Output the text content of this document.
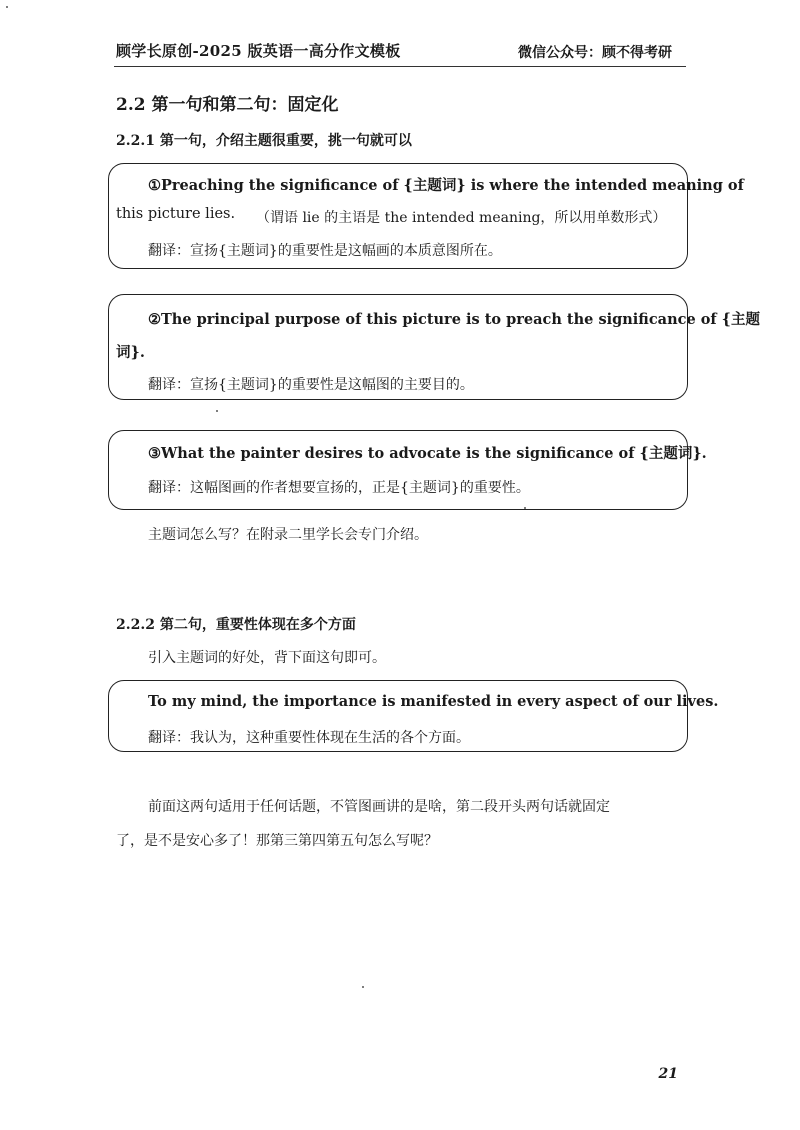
顾学长原创-2025 版英语一高分作文模板	微信公众号：顾不得考研
2.2 第一句和第二句：固定化
2.2.1 第一句，介绍主题很重要，挑一句就可以
①Preaching the significance of {主题词} is where the intended meaning of
this picture lies. （谓语 lie 的主语是 the intended meaning，所以用单数形式）
翻译：宣扬{主题词}的重要性是这幅画的本质意图所在。
②The principal purpose of this picture is to preach the significance of {主题
词}.
翻译：宣扬{主题词}的重要性是这幅图的主要目的。
③What the painter desires to advocate is the significance of {主题词}.
翻译：这幅图画的作者想要宣扬的，正是{主题词}的重要性。
主题词怎么写？在附录二里学长会专门介绍。
2.2.2 第二句，重要性体现在多个方面
引入主题词的好处，背下面这句即可。
To my mind, the importance is manifested in every aspect of our lives.
翻译：我认为，这种重要性体现在生活的各个方面。
前面这两句适用于任何话题，不管图画讲的是啥，第二段开头两句话就固定
了，是不是安心多了！那第三第四第五句怎么写呢？
21
